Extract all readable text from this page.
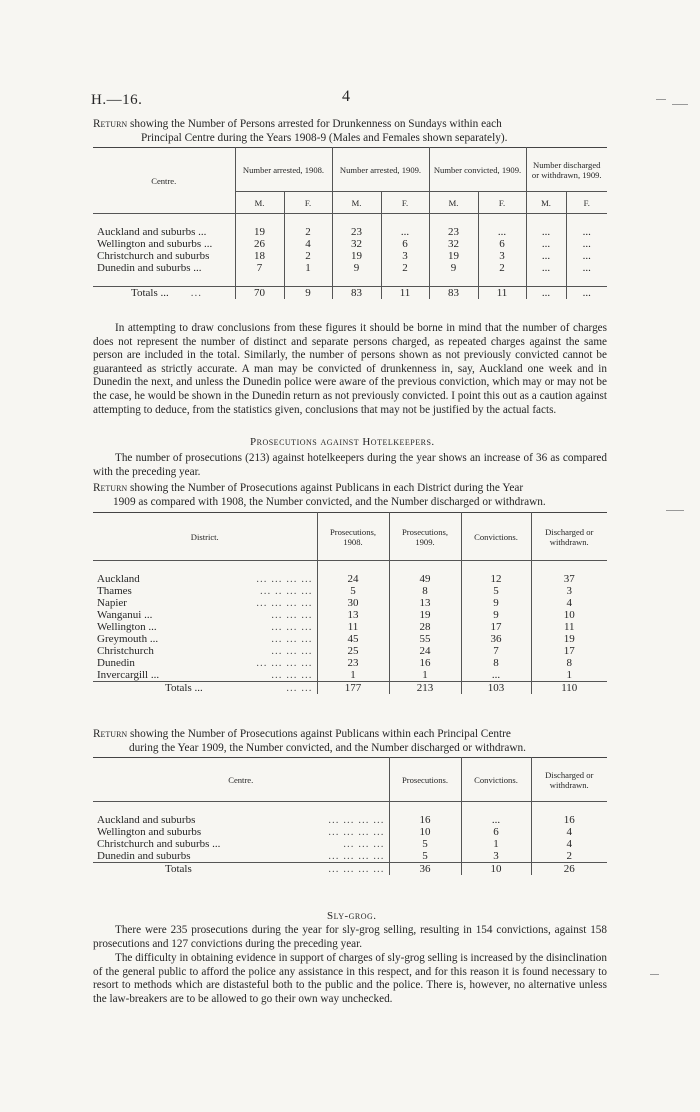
H.—16.	4
Return showing the Number of Persons arrested for Drunkenness on Sundays within each
Principal Centre during the Years 1908-9 (Males and Females shown separately).
Centre.	Number arrested, 1908.		Number arrested, 1909.		Number convicted, 1909.		Number discharged or withdrawn, 1909.	
	M.	F.	M.	F.	M.	F.	M.	F.

Auckland and suburbs ...	19	2	23	...	23	...	...	...
Wellington and suburbs ...	26	4	32	6	32	6	...	...
Christchurch and suburbs	18	2	19	3	19	3	...	...
Dunedin and suburbs ...	7	1	9	2	9	2	...	...

Totals ... ...	70	9	83	11	83	11	...	...

In attempting to draw conclusions from these figures it should be borne in mind that the number of charges does not represent the number of distinct and separate persons charged, as repeated charges against the same person are included in the total. Similarly, the number of persons shown as not previously convicted cannot be guaranteed as strictly accurate. A man may be convicted of drunkenness in, say, Auckland one week and in Dunedin the next, and unless the Dunedin police were aware of the previous conviction, which may or may not be the case, he would be shown in the Dunedin return as not previously convicted. I point this out as a caution against attempting to deduce, from the statistics given, conclusions that may not be justified by the actual facts.

Prosecutions against Hotelkeepers.

The number of prosecutions (213) against hotelkeepers during the year shows an increase of 36 as compared with the preceding year.

Return showing the Number of Prosecutions against Publicans in each District during the Year
1909 as compared with 1908, the Number convicted, and the Number discharged or withdrawn.
District.	Prosecutions, 1908.	Prosecutions, 1909.	Convictions.	Discharged or withdrawn.

Auckland ... ... ... ...	24	49	12	37
Thames ... .. ... ...	5	8	5	3
Napier ... ... ... ...	30	13	9	4
Wanganui ... ... ... ...	13	19	9	10
Wellington ... ... ... ...	11	28	17	11
Greymouth ... ... ... ...	45	55	36	19
Christchurch ... ... ...	25	24	7	17
Dunedin ... ... ... ...	23	16	8	8
Invercargill ... ... ... ...	1	1	...	1
Totals ... ... ...	177	213	103	110
Return showing the Number of Prosecutions against Publicans within each Principal Centre
during the Year 1909, the Number convicted, and the Number discharged or withdrawn.
Centre.	Prosecutions.	Convictions.	Discharged or withdrawn.

Auckland and suburbs ... ... ... ...	16	...	16
Wellington and suburbs ... ... ... ...	10	6	4
Christchurch and suburbs ... ... ... ...	5	1	4
Dunedin and suburbs ... ... ... ...	5	3	2
Totals ... ... ... ...	36	10	26
Sly-grog.

There were 235 prosecutions during the year for sly-grog selling, resulting in 154 convictions, against 158 prosecutions and 127 convictions during the preceding year.

The difficulty in obtaining evidence in support of charges of sly-grog selling is increased by the disinclination of the general public to afford the police any assistance in this respect, and for this reason it is found necessary to resort to methods which are distasteful both to the public and the police. There is, however, no alternative unless the law-breakers are to be allowed to go their own way unchecked.
